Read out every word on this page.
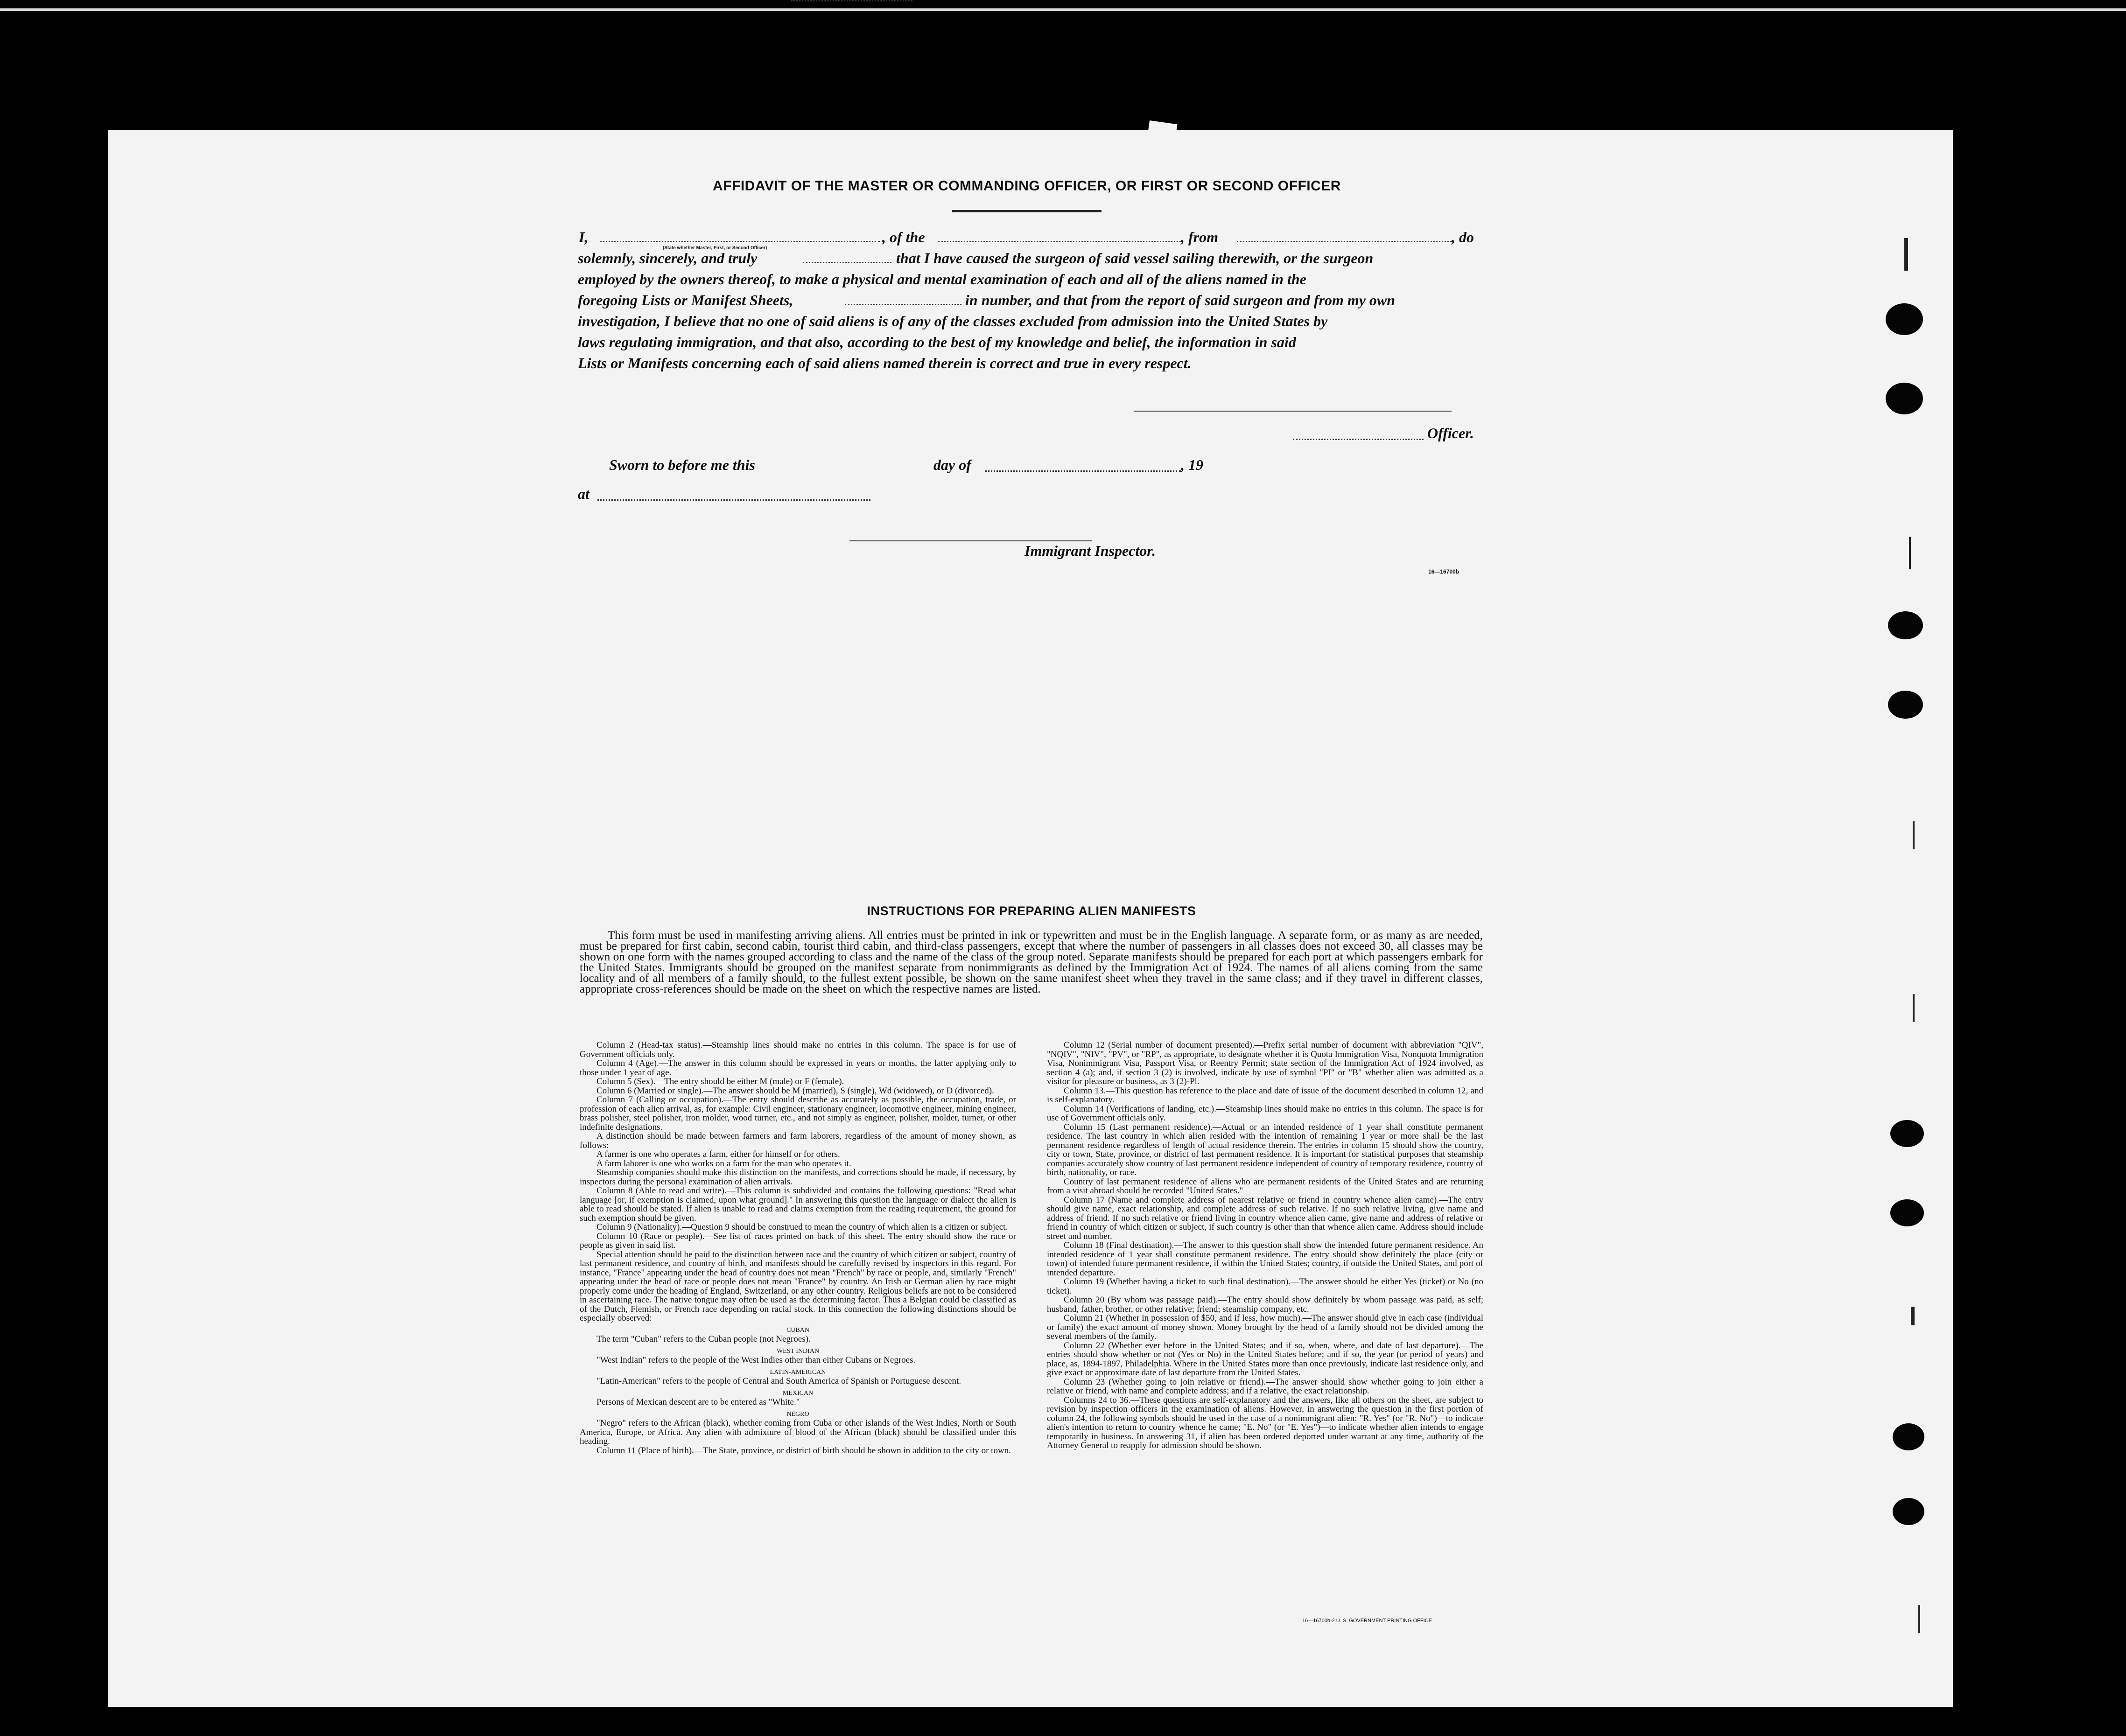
AFFIDAVIT OF THE MASTER OR COMMANDING OFFICER, OR FIRST OR SECOND OFFICER
I,
(State whether Master, First, or Second Officer)
, of the	, from	, do
solemnly, sincerely, and truly	that I have caused the surgeon of said vessel sailing therewith, or the surgeon
employed by the owners thereof, to make a physical and mental examination of each and all of the aliens named in the
foregoing Lists or Manifest Sheets,	in number, and that from the report of said surgeon and from my own
investigation, I believe that no one of said aliens is of any of the classes excluded from admission into the United States by
laws regulating immigration, and that also, according to the best of my knowledge and belief, the information in said
Lists or Manifests concerning each of said aliens named therein is correct and true in every respect.
Officer.
Sworn to before me this	day of	, 19
at
Immigrant Inspector.
16—16700b
INSTRUCTIONS FOR PREPARING ALIEN MANIFESTS
This form must be used in manifesting arriving aliens. All entries must be printed in ink or typewritten and must be in the English language. A separate form, or as many as are needed, must be prepared for first cabin, second cabin, tourist third cabin, and third-class passengers, except that where the number of passengers in all classes does not exceed 30, all classes may be shown on one form with the names grouped according to class and the name of the class of the group noted. Separate manifests should be prepared for each port at which passengers embark for the United States. Immigrants should be grouped on the manifest separate from nonimmigrants as defined by the Immigration Act of 1924. The names of all aliens coming from the same locality and of all members of a family should, to the fullest extent possible, be shown on the same manifest sheet when they travel in the same class; and if they travel in different classes, appropriate cross-references should be made on the sheet on which the respective names are listed.

Column 2 (Head-tax status).—Steamship lines should make no entries in this column. The space is for use of Government officials only.

Column 4 (Age).—The answer in this column should be expressed in years or months, the latter applying only to those under 1 year of age.

Column 5 (Sex).—The entry should be either M (male) or F (female).

Column 6 (Married or single).—The answer should be M (married), S (single), Wd (widowed), or D (divorced).

Column 7 (Calling or occupation).—The entry should describe as accurately as possible, the occupation, trade, or profession of each alien arrival, as, for example: Civil engineer, stationary engineer, locomotive engineer, mining engineer, brass polisher, steel polisher, iron molder, wood turner, etc., and not simply as engineer, polisher, molder, turner, or other indefinite designations.

A distinction should be made between farmers and farm laborers, regardless of the amount of money shown, as follows:

A farmer is one who operates a farm, either for himself or for others.

A farm laborer is one who works on a farm for the man who operates it.

Steamship companies should make this distinction on the manifests, and corrections should be made, if necessary, by inspectors during the personal examination of alien arrivals.

Column 8 (Able to read and write).—This column is subdivided and contains the following questions: "Read what language [or, if exemption is claimed, upon what ground]." In answering this question the language or dialect the alien is able to read should be stated. If alien is unable to read and claims exemption from the reading requirement, the ground for such exemption should be given.

Column 9 (Nationality).—Question 9 should be construed to mean the country of which alien is a citizen or subject.

Column 10 (Race or people).—See list of races printed on back of this sheet. The entry should show the race or people as given in said list.

Special attention should be paid to the distinction between race and the country of which citizen or subject, country of last permanent residence, and country of birth, and manifests should be carefully revised by inspectors in this regard. For instance, "France" appearing under the head of country does not mean "French" by race or people, and, similarly "French" appearing under the head of race or people does not mean "France" by country. An Irish or German alien by race might properly come under the heading of England, Switzerland, or any other country. Religious beliefs are not to be considered in ascertaining race. The native tongue may often be used as the determining factor. Thus a Belgian could be classified as of the Dutch, Flemish, or French race depending on racial stock. In this connection the following distinctions should be especially observed:

CUBAN

The term "Cuban" refers to the Cuban people (not Negroes).

WEST INDIAN

"West Indian" refers to the people of the West Indies other than either Cubans or Negroes.

LATIN-AMERICAN

"Latin-American" refers to the people of Central and South America of Spanish or Portuguese descent.

MEXICAN

Persons of Mexican descent are to be entered as "White."

NEGRO

"Negro" refers to the African (black), whether coming from Cuba or other islands of the West Indies, North or South America, Europe, or Africa. Any alien with admixture of blood of the African (black) should be classified under this heading.

Column 11 (Place of birth).—The State, province, or district of birth should be shown in addition to the city or town.

Column 12 (Serial number of document presented).—Prefix serial number of document with abbreviation "QIV", "NQIV", "NIV", "PV", or "RP", as appropriate, to designate whether it is Quota Immigration Visa, Nonquota Immigration Visa, Nonimmigrant Visa, Passport Visa, or Reentry Permit; state section of the Immigration Act of 1924 involved, as section 4 (a); and, if section 3 (2) is involved, indicate by use of symbol "PI" or "B" whether alien was admitted as a visitor for pleasure or business, as 3 (2)-Pl.

Column 13.—This question has reference to the place and date of issue of the document described in column 12, and is self-explanatory.

Column 14 (Verifications of landing, etc.).—Steamship lines should make no entries in this column. The space is for use of Government officials only.

Column 15 (Last permanent residence).—Actual or an intended residence of 1 year shall constitute permanent residence. The last country in which alien resided with the intention of remaining 1 year or more shall be the last permanent residence regardless of length of actual residence therein. The entries in column 15 should show the country, city or town, State, province, or district of last permanent residence. It is important for statistical purposes that steamship companies accurately show country of last permanent residence independent of country of temporary residence, country of birth, nationality, or race.

Country of last permanent residence of aliens who are permanent residents of the United States and are returning from a visit abroad should be recorded "United States."

Column 17 (Name and complete address of nearest relative or friend in country whence alien came).—The entry should give name, exact relationship, and complete address of such relative. If no such relative living, give name and address of friend. If no such relative or friend living in country whence alien came, give name and address of relative or friend in country of which citizen or subject, if such country is other than that whence alien came. Address should include street and number.

Column 18 (Final destination).—The answer to this question shall show the intended future permanent residence. An intended residence of 1 year shall constitute permanent residence. The entry should show definitely the place (city or town) of intended future permanent residence, if within the United States; country, if outside the United States, and port of intended departure.

Column 19 (Whether having a ticket to such final destination).—The answer should be either Yes (ticket) or No (no ticket).

Column 20 (By whom was passage paid).—The entry should show definitely by whom passage was paid, as self; husband, father, brother, or other relative; friend; steamship company, etc.

Column 21 (Whether in possession of $50, and if less, how much).—The answer should give in each case (individual or family) the exact amount of money shown. Money brought by the head of a family should not be divided among the several members of the family.

Column 22 (Whether ever before in the United States; and if so, when, where, and date of last departure).—The entries should show whether or not (Yes or No) in the United States before; and if so, the year (or period of years) and place, as, 1894-1897, Philadelphia. Where in the United States more than once previously, indicate last residence only, and give exact or approximate date of last departure from the United States.

Column 23 (Whether going to join relative or friend).—The answer should show whether going to join either a relative or friend, with name and complete address; and if a relative, the exact relationship.

Columns 24 to 36.—These questions are self-explanatory and the answers, like all others on the sheet, are subject to revision by inspection officers in the examination of aliens. However, in answering the question in the first portion of column 24, the following symbols should be used in the case of a nonimmigrant alien: "R. Yes" (or "R. No")—to indicate alien's intention to return to country whence he came; "E. No" (or "E. Yes")—to indicate whether alien intends to engage temporarily in business. In answering 31, if alien has been ordered deported under warrant at any time, authority of the Attorney General to reapply for admission should be shown.

16—16700b-2 U. S. GOVERNMENT PRINTING OFFICE
